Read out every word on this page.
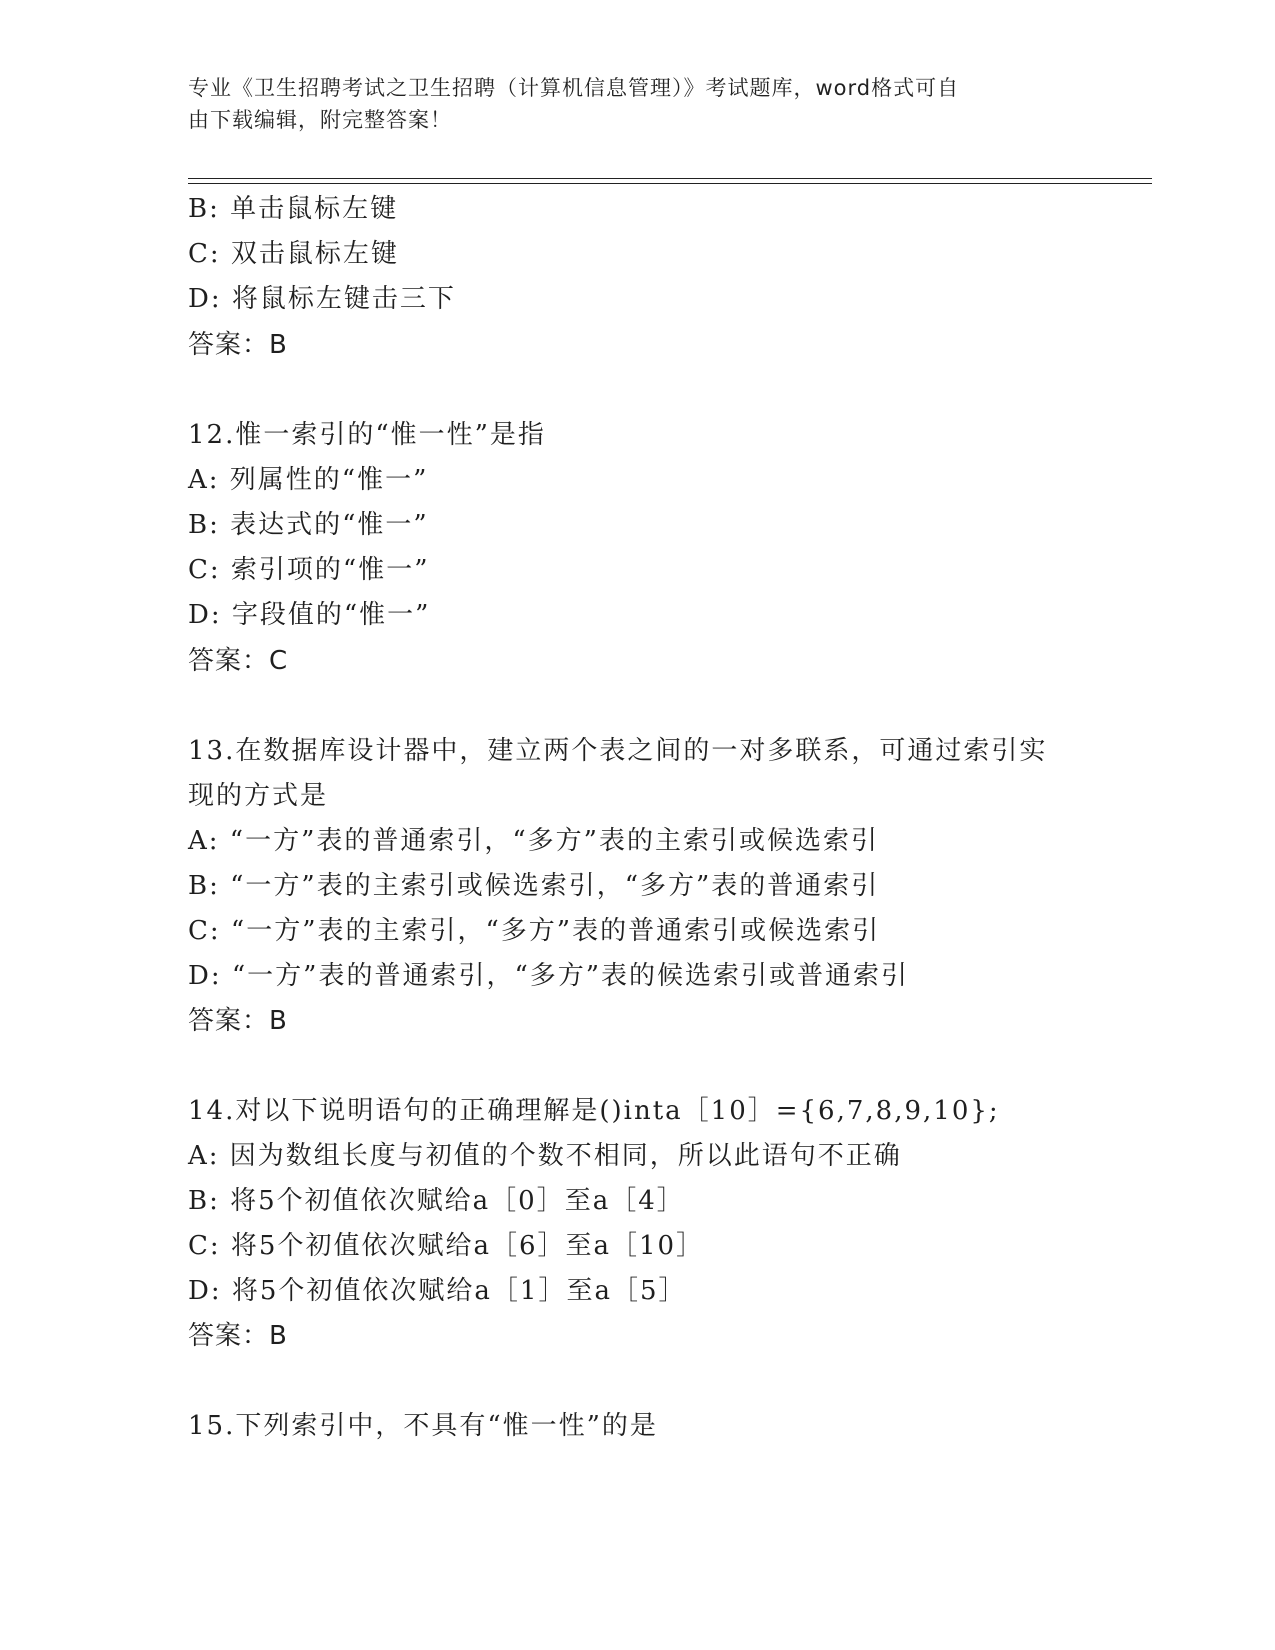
专业《卫生招聘考试之卫生招聘（计算机信息管理）》考试题库，word格式可自
由下载编辑，附完整答案！
B: 单击鼠标左键
C: 双击鼠标左键
D: 将鼠标左键击三下
答案：B
12.惟一索引的“惟一性”是指
A: 列属性的“惟一”
B: 表达式的“惟一”
C: 索引项的“惟一”
D: 字段值的“惟一”
答案：C
13.在数据库设计器中，建立两个表之间的一对多联系，可通过索引实
现的方式是
A: “一方”表的普通索引，“多方”表的主索引或候选索引
B: “一方”表的主索引或候选索引，“多方”表的普通索引
C: “一方”表的主索引，“多方”表的普通索引或候选索引
D: “一方”表的普通索引，“多方”表的候选索引或普通索引
答案：B
14.对以下说明语句的正确理解是()inta［10］={6,7,8,9,10};
A: 因为数组长度与初值的个数不相同，所以此语句不正确
B: 将5个初值依次赋给a［0］至a［4］
C: 将5个初值依次赋给a［6］至a［10］
D: 将5个初值依次赋给a［1］至a［5］
答案：B
15.下列索引中，不具有“惟一性”的是
